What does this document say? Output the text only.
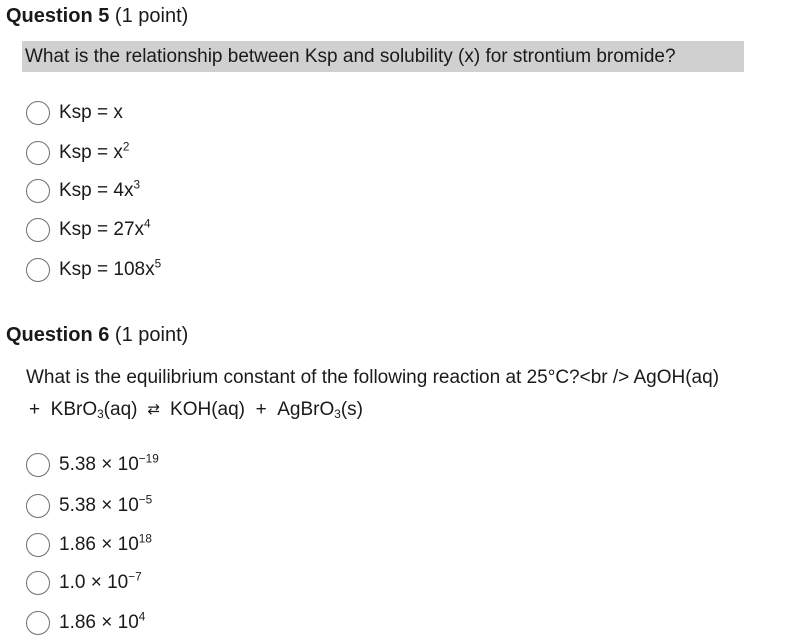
Question 5 (1 point)
What is the relationship between Ksp and solubility (x) for strontium bromide?
Ksp = x
Ksp = $x^2$
Ksp = $4x^3$
Ksp = $27x^4$
Ksp = $108x^5$
Question 6 (1 point)
What is the equilibrium constant of the following reaction at 25°C?<br /> AgOH(aq)
+ KBrO$_3$(aq) ⇄ KOH(aq) + AgBrO$_3$(s)
$5.38 \times 10^{-19}$
$5.38 \times 10^{-5}$
$1.86 \times 10^{18}$
$1.0 \times 10^{-7}$
$1.86 \times 10^4$
